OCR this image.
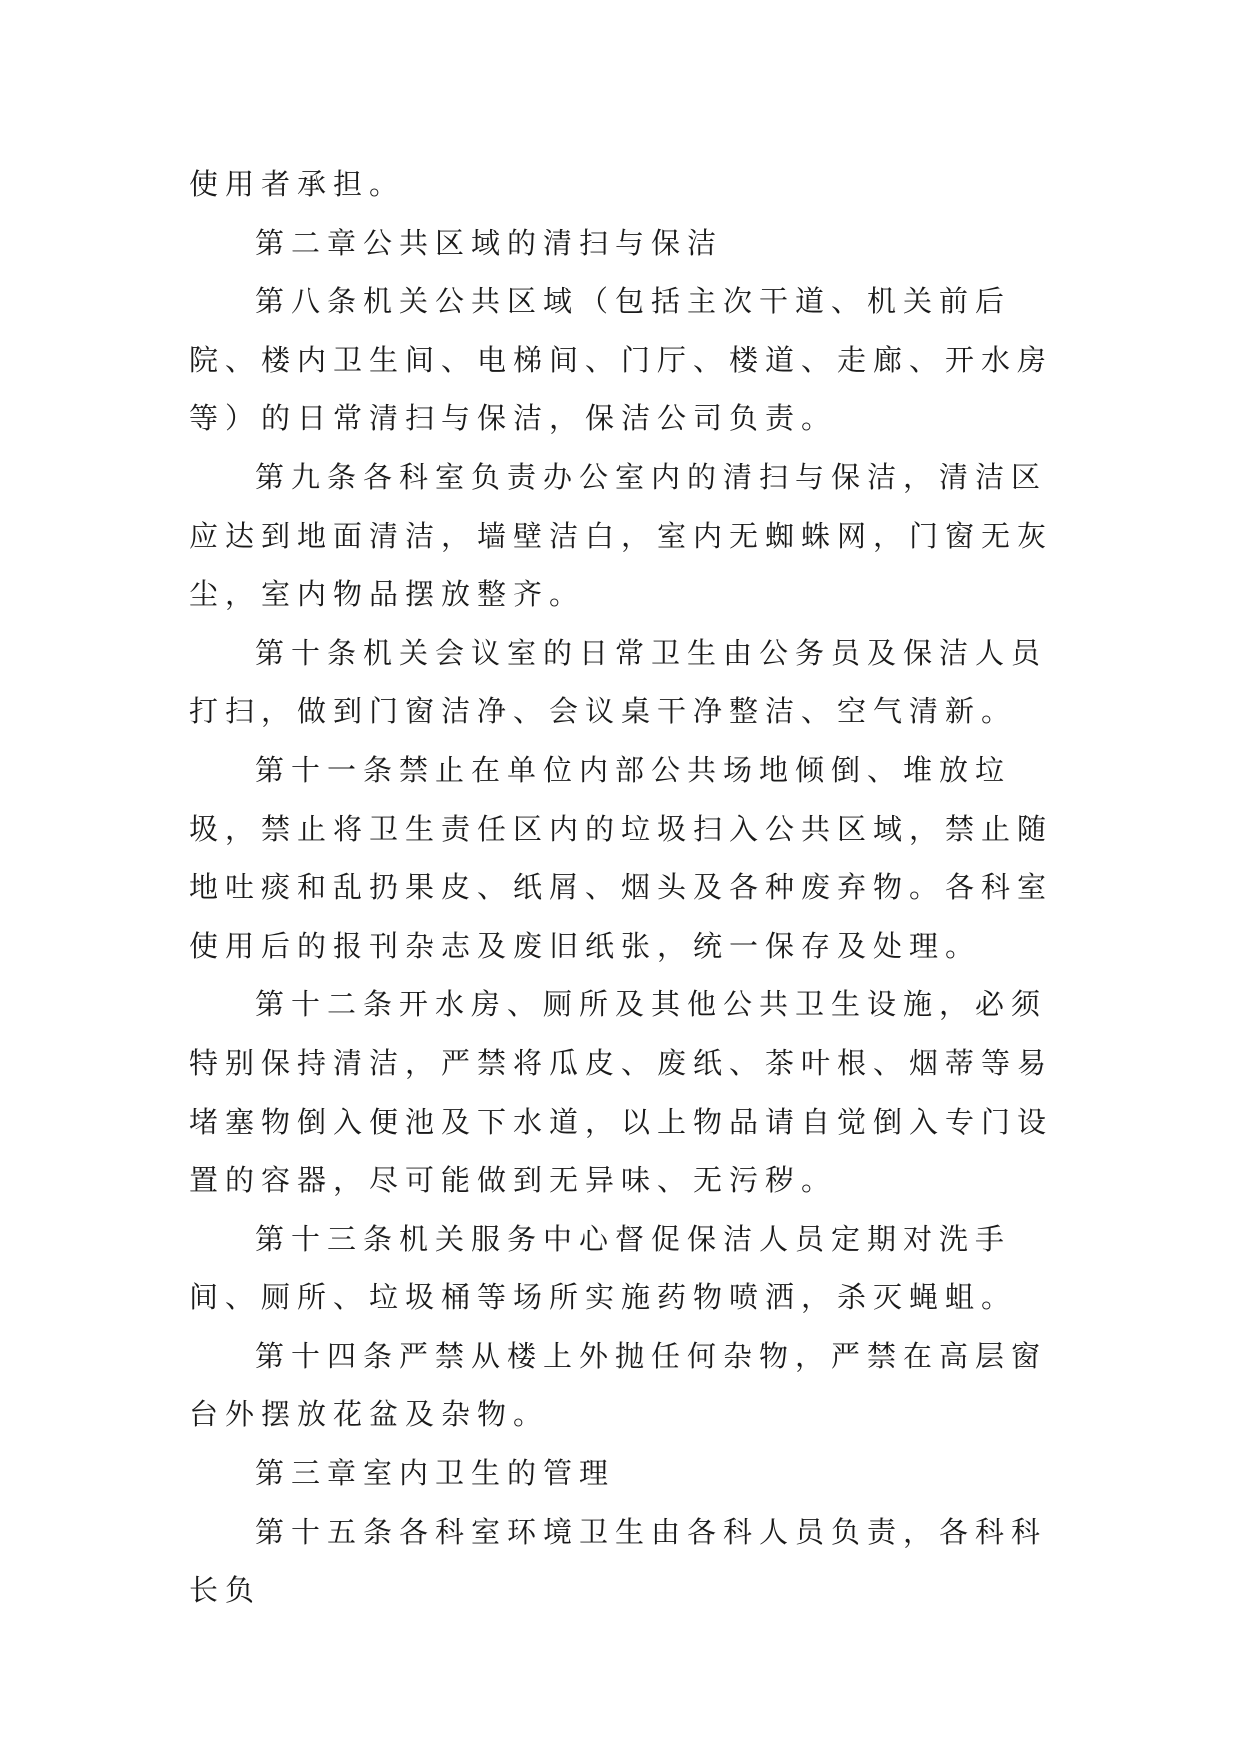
使用者承担。

第二章公共区域的清扫与保洁

第八条机关公共区域（包括主次干道、机关前后院、楼内卫生间、电梯间、门厅、楼道、走廊、开水房等）的日常清扫与保洁，保洁公司负责。

第九条各科室负责办公室内的清扫与保洁，清洁区应达到地面清洁，墙壁洁白，室内无蜘蛛网，门窗无灰尘，室内物品摆放整齐。

第十条机关会议室的日常卫生由公务员及保洁人员打扫，做到门窗洁净、会议桌干净整洁、空气清新。

第十一条禁止在单位内部公共场地倾倒、堆放垃圾，禁止将卫生责任区内的垃圾扫入公共区域，禁止随地吐痰和乱扔果皮、纸屑、烟头及各种废弃物。各科室使用后的报刊杂志及废旧纸张，统一保存及处理。

第十二条开水房、厕所及其他公共卫生设施，必须特别保持清洁，严禁将瓜皮、废纸、茶叶根、烟蒂等易堵塞物倒入便池及下水道，以上物品请自觉倒入专门设置的容器，尽可能做到无异味、无污秽。

第十三条机关服务中心督促保洁人员定期对洗手间、厕所、垃圾桶等场所实施药物喷洒，杀灭蝇蛆。

第十四条严禁从楼上外抛任何杂物，严禁在高层窗台外摆放花盆及杂物。

第三章室内卫生的管理

第十五条各科室环境卫生由各科人员负责，各科科长负
